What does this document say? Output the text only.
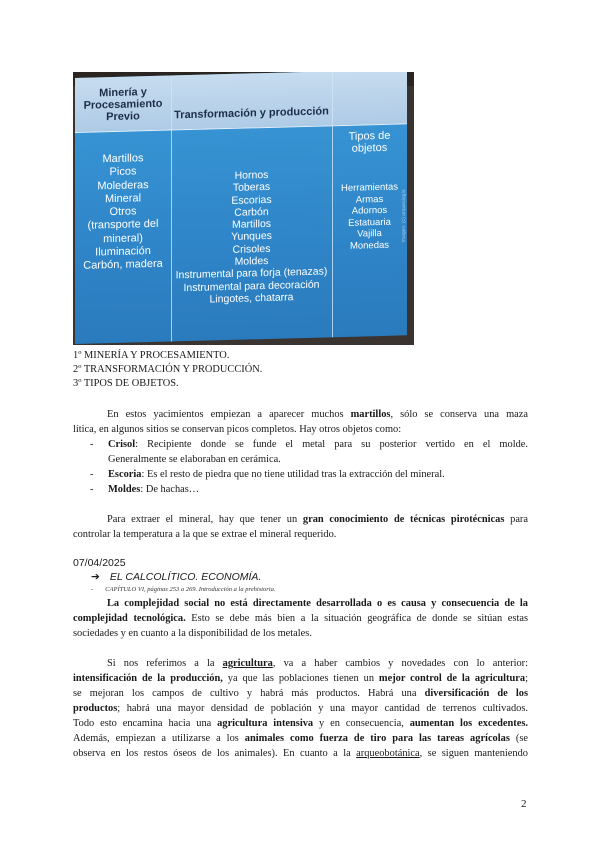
Minería y
Procesamiento
Previo	Transformación y producción
Tipos de
objetos
Martillos
Picos
Molederas
Mineral
Otros
(transporte del
mineral)
Iluminación
Carbón, madera
Hornos
Toberas
Escorias
Carbón
Martillos
Yunques
Crisoles
Moldes
Instrumental para forja (tenazas)
Instrumental para decoración
Lingotes, chatarra
Herramientas
Armas
Adornos
Estatuaria
Vajilla
Monedas
Imagen: (c) arqueología
1º MINERÍA Y PROCESAMIENTO.
2º TRANSFORMACIÓN Y PRODUCCIÓN.
3º TIPOS DE OBJETOS.
En estos yacimientos empiezan a aparecer muchos martillos, sólo se conserva una maza
lítica, en algunos sitios se conservan picos completos. Hay otros objetos como:
- Crisol: Recipiente donde se funde el metal para su posterior vertido en el molde.
Generalmente se elaboraban en cerámica.
- Escoria: Es el resto de piedra que no tiene utilidad tras la extracción del mineral.
- Moldes: De hachas…
Para extraer el mineral, hay que tener un gran conocimiento de técnicas pirotécnicas para
controlar la temperatura a la que se extrae el mineral requerido.
07/04/2025
➔ EL CALCOLÍTICO. ECONOMÍA.
- CAPÍTULO VI, páginas 253 a 269. Introducción a la prehistoria.
La complejidad social no está directamente desarrollada o es causa y consecuencia de la
complejidad tecnológica. Esto se debe más bien a la situación geográfica de donde se sitúan estas
sociedades y en cuanto a la disponibilidad de los metales.
Si nos referimos a la agricultura, va a haber cambios y novedades con lo anterior:
intensificación de la producción, ya que las poblaciones tienen un mejor control de la agricultura;
se mejoran los campos de cultivo y habrá más productos. Habrá una diversificación de los
productos; habrá una mayor densidad de población y una mayor cantidad de terrenos cultivados.
Todo esto encamina hacia una agricultura intensiva y en consecuencia, aumentan los excedentes.
Además, empiezan a utilizarse a los animales como fuerza de tiro para las tareas agrícolas (se
observa en los restos óseos de los animales). En cuanto a la arqueobotánica, se siguen manteniendo
2
